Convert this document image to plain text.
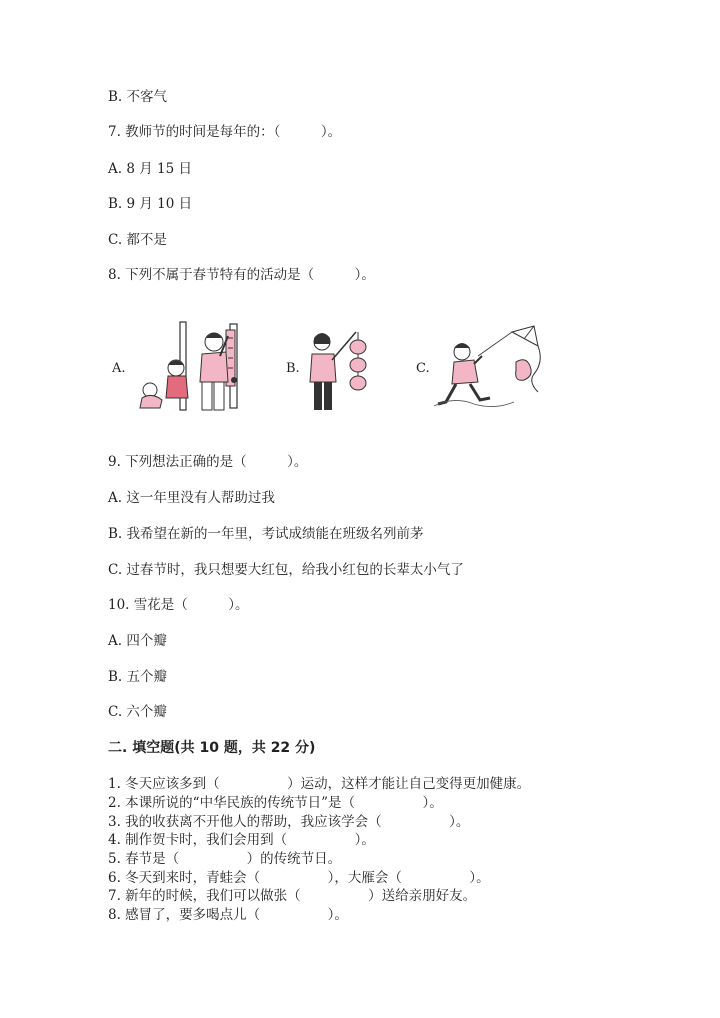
B. 不客气
7. 教师节的时间是每年的：（　　　）。
A. 8 月 15 日
B. 9 月 10 日
C. 都不是
8. 下列不属于春节特有的活动是（　　　）。
A.	B.	C.
9. 下列想法正确的是（　　　）。
A. 这一年里没有人帮助过我
B. 我希望在新的一年里，考试成绩能在班级名列前茅
C. 过春节时，我只想要大红包，给我小红包的长辈太小气了
10. 雪花是（　　　）。
A. 四个瓣
B. 五个瓣
C. 六个瓣
二. 填空题(共 10 题，共 22 分)
1. 冬天应该多到（　　　　　）运动，这样才能让自己变得更加健康。
2. 本课所说的“中华民族的传统节日”是（　　　　　）。
3. 我的收获离不开他人的帮助，我应该学会（　　　　　）。
4. 制作贺卡时，我们会用到（　　　　　）。
5. 春节是（　　　　　）的传统节日。
6. 冬天到来时，青蛙会（　　　　　），大雁会（　　　　　）。
7. 新年的时候，我们可以做张（　　　　　）送给亲朋好友。
8. 感冒了，要多喝点儿（　　　　　）。
